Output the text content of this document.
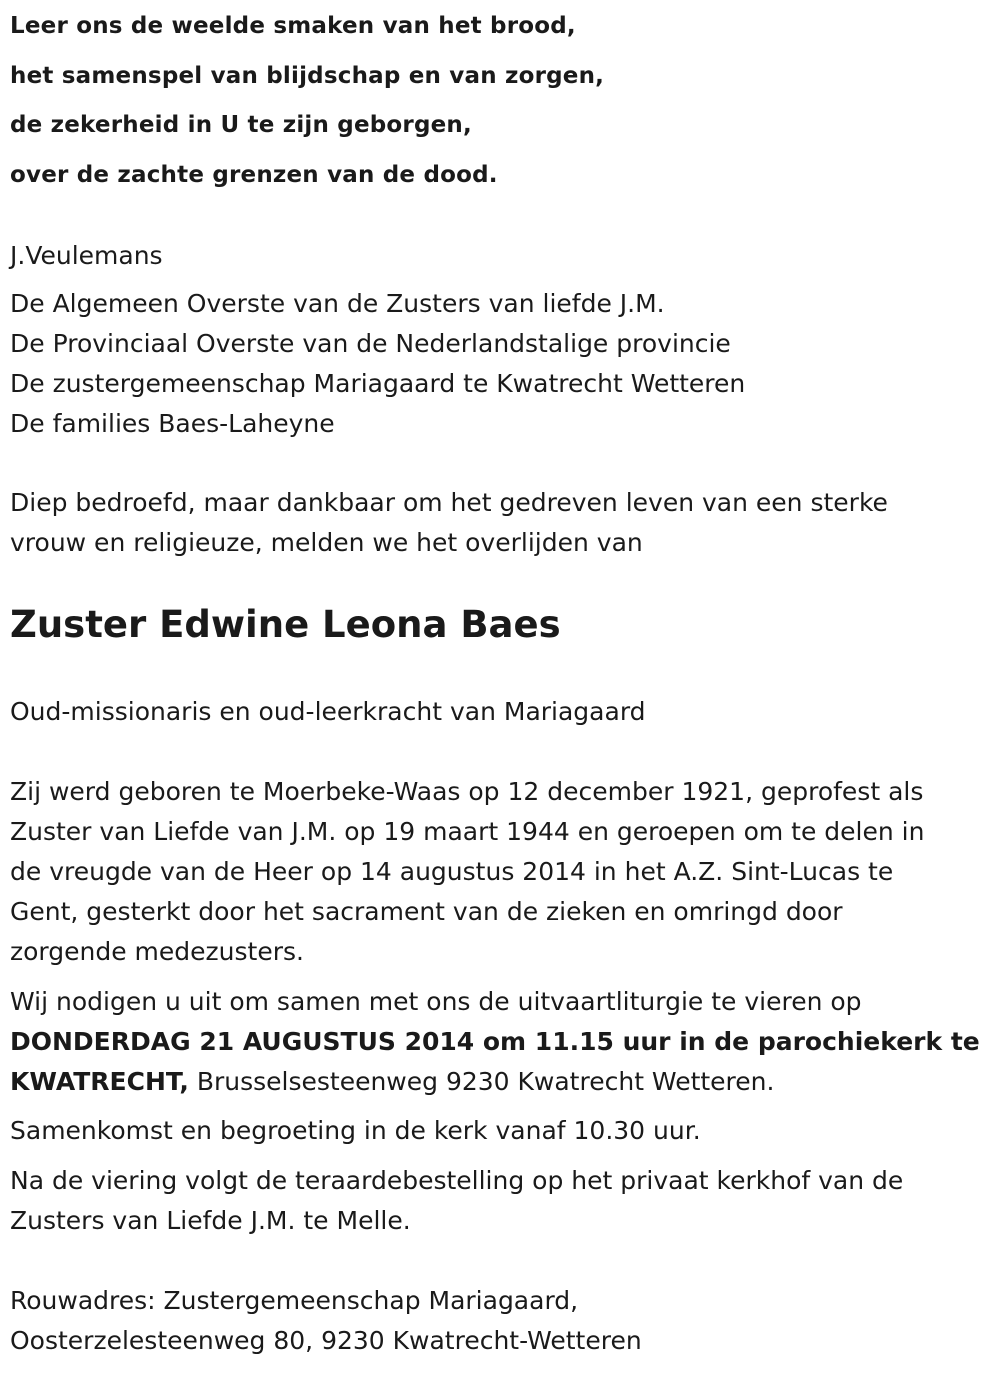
Leer ons de weelde smaken van het brood,
het samenspel van blijdschap en van zorgen,
de zekerheid in U te zijn geborgen,
over de zachte grenzen van de dood.
J.Veulemans
De Algemeen Overste van de Zusters van liefde J.M.
De Provinciaal Overste van de Nederlandstalige provincie
De zustergemeenschap Mariagaard te Kwatrecht Wetteren
De families Baes-Laheyne
Diep bedroefd, maar dankbaar om het gedreven leven van een sterke
vrouw en religieuze, melden we het overlijden van
Zuster Edwine Leona Baes
Oud-missionaris en oud-leerkracht van Mariagaard
Zij werd geboren te Moerbeke-Waas op 12 december 1921, geprofest als
Zuster van Liefde van J.M. op 19 maart 1944 en geroepen om te delen in
de vreugde van de Heer op 14 augustus 2014 in het A.Z. Sint-Lucas te
Gent, gesterkt door het sacrament van de zieken en omringd door
zorgende medezusters.
Wij nodigen u uit om samen met ons de uitvaartliturgie te vieren op
DONDERDAG 21 AUGUSTUS 2014 om 11.15 uur in de parochiekerk te
KWATRECHT, Brusselsesteenweg 9230 Kwatrecht Wetteren.
Samenkomst en begroeting in de kerk vanaf 10.30 uur.
Na de viering volgt de teraardebestelling op het privaat kerkhof van de
Zusters van Liefde J.M. te Melle.
Rouwadres: Zustergemeenschap Mariagaard,
Oosterzelesteenweg 80, 9230 Kwatrecht-Wetteren
